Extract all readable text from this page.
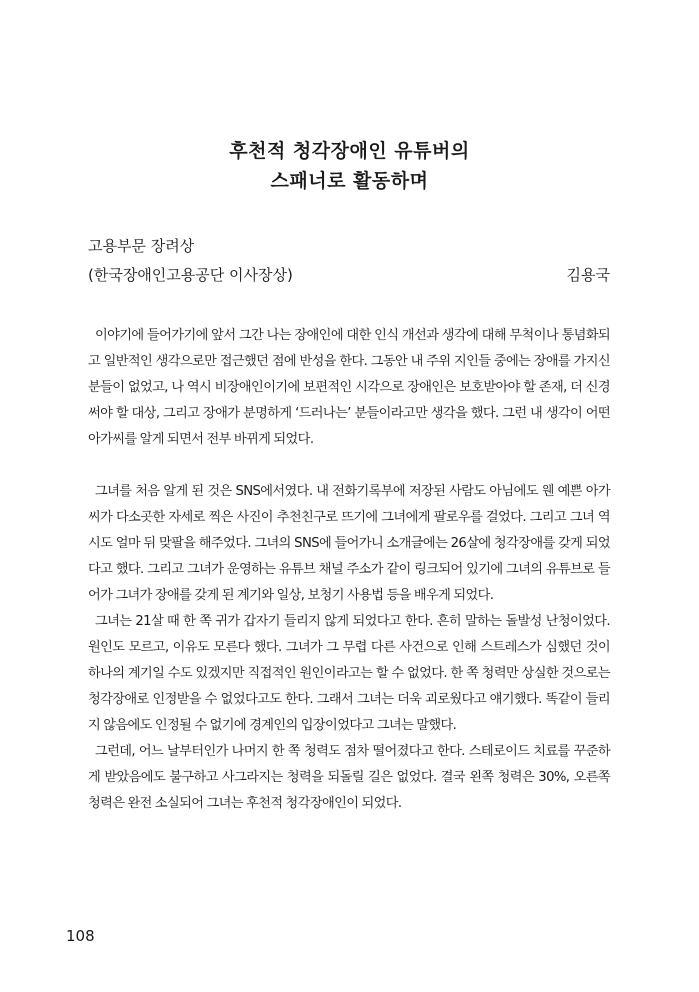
후천적 청각장애인 유튜버의
스패너로 활동하며
고용부문 장려상
(한국장애인고용공단 이사장상)	김용국

이야기에 들어가기에 앞서 그간 나는 장애인에 대한 인식 개선과 생각에 대해 무척이나 통념화되고 일반적인 생각으로만 접근했던 점에 반성을 한다. 그동안 내 주위 지인들 중에는 장애를 가지신 분들이 없었고, 나 역시 비장애인이기에 보편적인 시각으로 장애인은 보호받아야 할 존재, 더 신경 써야 할 대상, 그리고 장애가 분명하게 ‘드러나는’ 분들이라고만 생각을 했다. 그런 내 생각이 어떤 아가씨를 알게 되면서 전부 바뀌게 되었다.

그녀를 처음 알게 된 것은 SNS에서였다. 내 전화기록부에 저장된 사람도 아님에도 웬 예쁜 아가씨가 다소곳한 자세로 찍은 사진이 추천친구로 뜨기에 그녀에게 팔로우를 걸었다. 그리고 그녀 역시도 얼마 뒤 맞팔을 해주었다. 그녀의 SNS에 들어가니 소개글에는 26살에 청각장애를 갖게 되었다고 했다. 그리고 그녀가 운영하는 유튜브 채널 주소가 같이 링크되어 있기에 그녀의 유튜브로 들어가 그녀가 장애를 갖게 된 계기와 일상, 보청기 사용법 등을 배우게 되었다.

그녀는 21살 때 한 쪽 귀가 갑자기 들리지 않게 되었다고 한다. 흔히 말하는 돌발성 난청이었다. 원인도 모르고, 이유도 모른다 했다. 그녀가 그 무렵 다른 사건으로 인해 스트레스가 심했던 것이 하나의 계기일 수도 있겠지만 직접적인 원인이라고는 할 수 없었다. 한 쪽 청력만 상실한 것으로는 청각장애로 인정받을 수 없었다고도 한다. 그래서 그녀는 더욱 괴로웠다고 얘기했다. 똑같이 들리지 않음에도 인정될 수 없기에 경계인의 입장이었다고 그녀는 말했다.

그런데, 어느 날부터인가 나머지 한 쪽 청력도 점차 떨어졌다고 한다. 스테로이드 치료를 꾸준하게 받았음에도 불구하고 사그라지는 청력을 되돌릴 길은 없었다. 결국 왼쪽 청력은 30%, 오른쪽 청력은 완전 소실되어 그녀는 후천적 청각장애인이 되었다.

108
